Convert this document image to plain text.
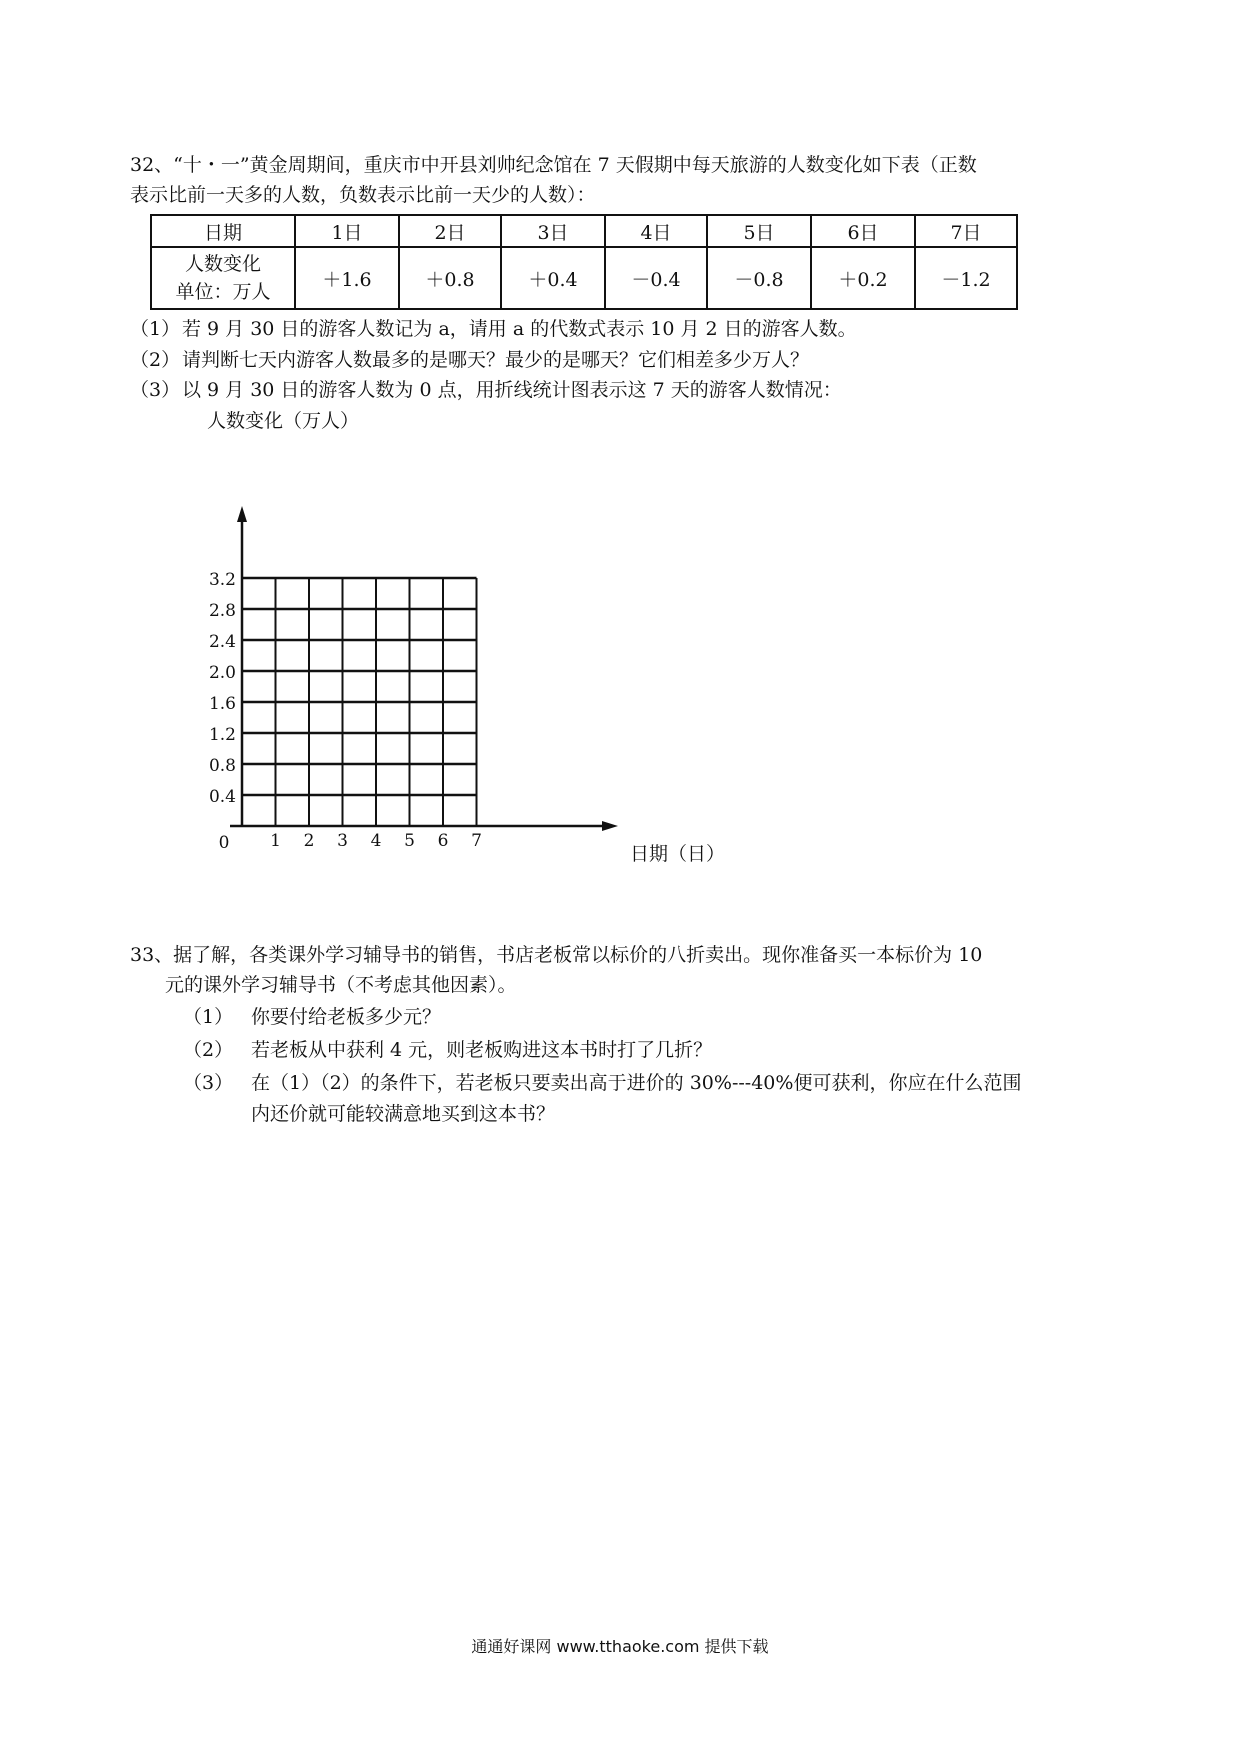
32、“十・一”黄金周期间，重庆市中开县刘帅纪念馆在 7 天假期中每天旅游的人数变化如下表（正数
表示比前一天多的人数，负数表示比前一天少的人数）：
日期	1日	2日	3日	4日	5日	6日	7日

人数变化
单位：万人	＋1.6	＋0.8	＋0.4	－0.4	－0.8	＋0.2	－1.2
（1） 若 9 月 30 日的游客人数记为 a，请用 a 的代数式表示 10 月 2 日的游客人数。
（2） 请判断七天内游客人数最多的是哪天？最少的是哪天？它们相差多少万人？
（3） 以 9 月 30 日的游客人数为 0 点，用折线统计图表示这 7 天的游客人数情况：
人数变化（万人）
0.4
0.8
1.2
1.6
2.0
2.4
2.8
3.2
1 2 3 4 5 6 7
0	日期（日）
33、据了解，各类课外学习辅导书的销售，书店老板常以标价的八折卖出。现你准备买一本标价为 10
元的课外学习辅导书（不考虑其他因素）。
（1） 你要付给老板多少元？
（2） 若老板从中获利 4 元，则老板购进这本书时打了几折？
（3） 在（1）（2）的条件下，若老板只要卖出高于进价的 30%---40%便可获利，你应在什么范围
内还价就可能较满意地买到这本书？
通通好课网 www.tthaoke.com 提供下载
